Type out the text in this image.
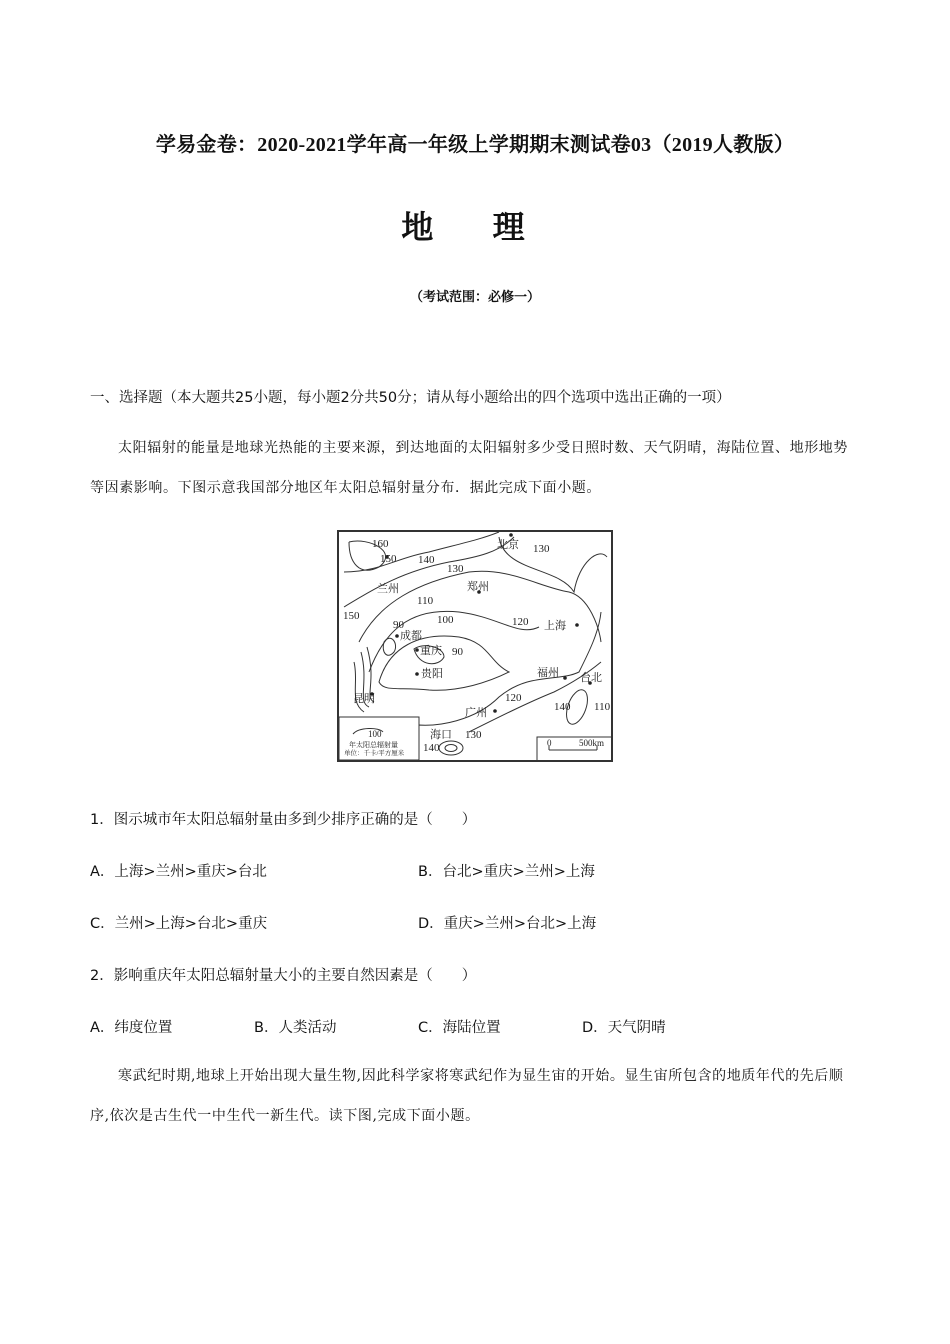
学易金卷：2020-2021学年高一年级上学期期末测试卷03（2019人教版）
地 理
（考试范围：必修一）
一、选择题（本大题共25小题，每小题2分共50分；请从每小题给出的四个选项中选出正确的一项）
太阳辐射的能量是地球光热能的主要来源，到达地面的太阳辐射多少受日照时数、天气阴晴，海陆位置、地形地势等因素影响。下图示意我国部分地区年太阳总辐射量分布．据此完成下面小题。
160
150 140
130
130
110
150	100	120
90
90
120
140 110
130
140
北京
兰州	郑州
上海
成都
重庆
贵阳	福州 台北
昆明
广州
海口
100
年太阳总辐射量
单位：千卡/平方厘米
0	500km
1．图示城市年太阳总辐射量由多到少排序正确的是（　　）
A．上海>兰州>重庆>台北	B．台北>重庆>兰州>上海
C．兰州>上海>台北>重庆	D．重庆>兰州>台北>上海
2．影响重庆年太阳总辐射量大小的主要自然因素是（　　）
A．纬度位置	B．人类活动	C．海陆位置	D．天气阴晴
寒武纪时期,地球上开始出现大量生物,因此科学家将寒武纪作为显生宙的开始。显生宙所包含的地质年代的先后顺序,依次是古生代一中生代一新生代。读下图,完成下面小题。
